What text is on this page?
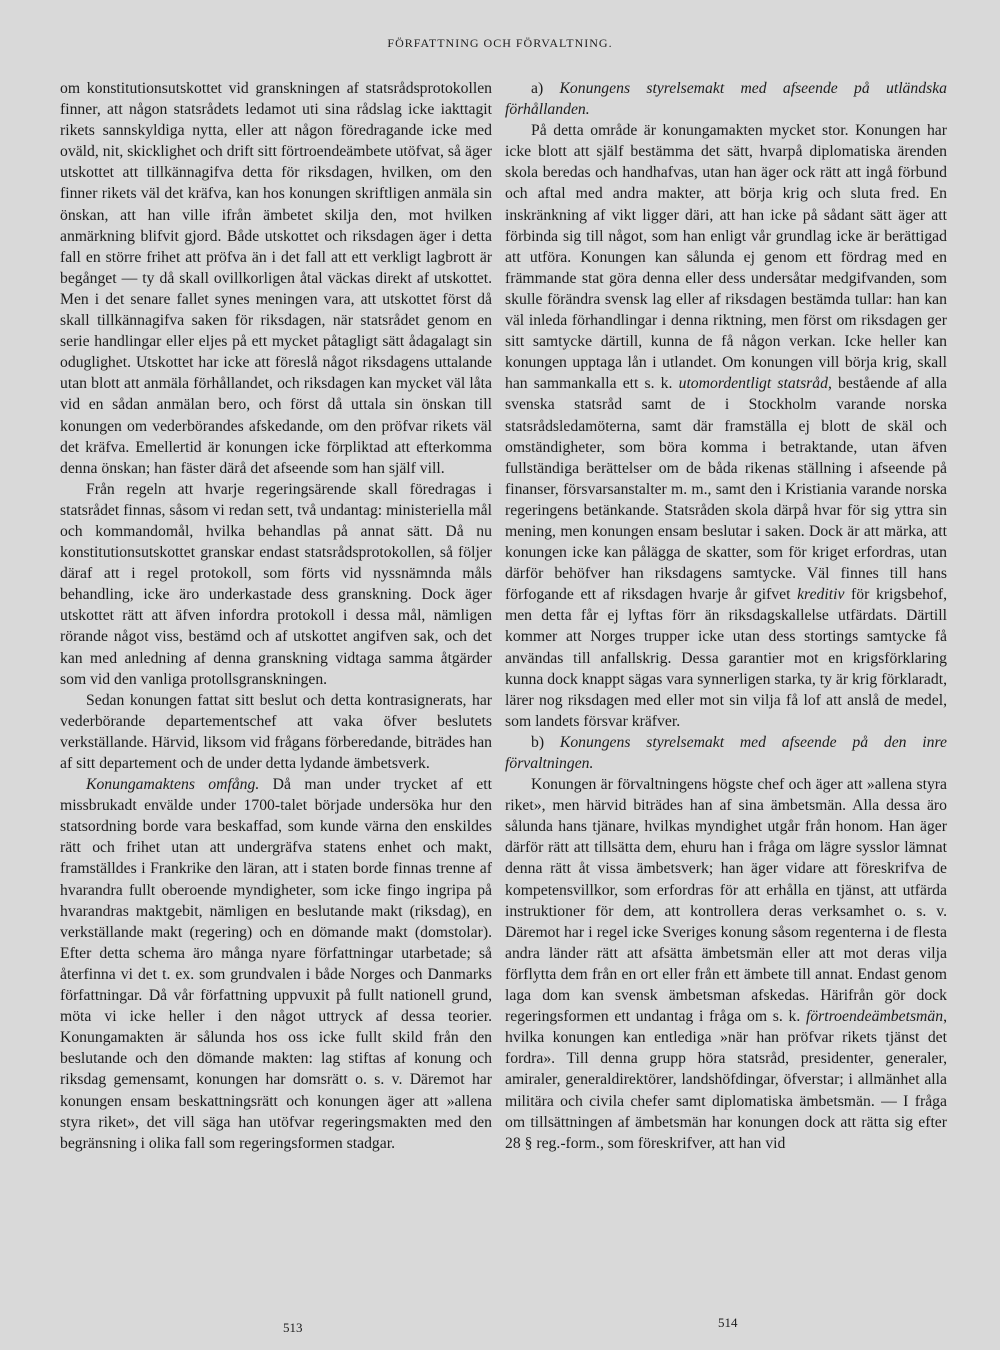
FÖRFATTNING OCH FÖRVALTNING.

om konstitutionsutskottet vid granskningen af statsrådsprotokollen finner, att någon statsrådets ledamot uti sina rådslag icke iakttagit rikets sannskyldiga nytta, eller att någon föredragande icke med oväld, nit, skicklighet och drift sitt förtroendeämbete utöfvat, så äger utskottet att tillkännagifva detta för riksdagen, hvilken, om den finner rikets väl det kräfva, kan hos konungen skriftligen anmäla sin önskan, att han ville ifrån ämbetet skilja den, mot hvilken anmärkning blifvit gjord. Både utskottet och riksdagen äger i detta fall en större frihet att pröfva än i det fall att ett verkligt lagbrott är begånget — ty då skall ovillkorligen åtal väckas direkt af utskottet. Men i det senare fallet synes meningen vara, att utskottet först då skall tillkännagifva saken för riksdagen, när statsrådet genom en serie handlingar eller eljes på ett mycket påtagligt sätt ådagalagt sin oduglighet. Utskottet har icke att föreslå något riksdagens uttalande utan blott att anmäla förhållandet, och riksdagen kan mycket väl låta vid en sådan anmälan bero, och först då uttala sin önskan till konungen om vederbörandes afskedande, om den pröfvar rikets väl det kräfva. Emellertid är konungen icke förpliktad att efterkomma denna önskan; han fäster därå det afseende som han själf vill.

Från regeln att hvarje regeringsärende skall föredragas i statsrådet finnas, såsom vi redan sett, två undantag: ministeriella mål och kommandomål, hvilka behandlas på annat sätt. Då nu konstitutionsutskottet granskar endast statsrådsprotokollen, så följer däraf att i regel protokoll, som förts vid nyssnämnda måls behandling, icke äro underkastade dess granskning. Dock äger utskottet rätt att äfven infordra protokoll i dessa mål, nämligen rörande något viss, bestämd och af utskottet angifven sak, och det kan med anledning af denna granskning vidtaga samma åtgärder som vid den vanliga protollsgranskningen.

Sedan konungen fattat sitt beslut och detta kontrasignerats, har vederbörande departementschef att vaka öfver beslutets verkställande. Härvid, liksom vid frågans förberedande, biträdes han af sitt departement och de under detta lydande ämbetsverk.

Konungamaktens omfång. Då man under trycket af ett missbrukadt envälde under 1700-talet började undersöka hur den statsordning borde vara beskaffad, som kunde värna den enskildes rätt och frihet utan att undergräfva statens enhet och makt, framställdes i Frankrike den läran, att i staten borde finnas trenne af hvarandra fullt oberoende myndigheter, som icke fingo ingripa på hvarandras maktgebit, nämligen en beslutande makt (riksdag), en verkställande makt (regering) och en dömande makt (domstolar). Efter detta schema äro många nyare författningar utarbetade; så återfinna vi det t. ex. som grundvalen i både Norges och Danmarks författningar. Då vår författning uppvuxit på fullt nationell grund, möta vi icke heller i den något uttryck af dessa teorier. Konungamakten är sålunda hos oss icke fullt skild från den beslutande och den dömande makten: lag stiftas af konung och riksdag gemensamt, konungen har domsrätt o. s. v. Däremot har konungen ensam beskattningsrätt och konungen äger att »allena styra riket», det vill säga han utöfvar regeringsmakten med den begränsning i olika fall som regeringsformen stadgar.

a) Konungens styrelsemakt med afseende på utländska förhållanden.

På detta område är konungamakten mycket stor. Konungen har icke blott att själf bestämma det sätt, hvarpå diplomatiska ärenden skola beredas och handhafvas, utan han äger ock rätt att ingå förbund och aftal med andra makter, att börja krig och sluta fred. En inskränkning af vikt ligger däri, att han icke på sådant sätt äger att förbinda sig till något, som han enligt vår grundlag icke är berättigad att utföra. Konungen kan sålunda ej genom ett fördrag med en främmande stat göra denna eller dess undersåtar medgifvanden, som skulle förändra svensk lag eller af riksdagen bestämda tullar: han kan väl inleda förhandlingar i denna riktning, men först om riksdagen ger sitt samtycke därtill, kunna de få någon verkan. Icke heller kan konungen upptaga lån i utlandet. Om konungen vill börja krig, skall han sammankalla ett s. k. utomordentligt statsråd, bestående af alla svenska statsråd samt de i Stockholm varande norska statsrådsledamöterna, samt där framställa ej blott de skäl och omständigheter, som böra komma i betraktande, utan äfven fullständiga berättelser om de båda rikenas ställning i afseende på finanser, försvarsanstalter m. m., samt den i Kristiania varande norska regeringens betänkande. Statsråden skola därpå hvar för sig yttra sin mening, men konungen ensam beslutar i saken. Dock är att märka, att konungen icke kan pålägga de skatter, som för kriget erfordras, utan därför behöfver han riksdagens samtycke. Väl finnes till hans förfogande ett af riksdagen hvarje år gifvet kreditiv för krigsbehof, men detta får ej lyftas förr än riksdagskallelse utfärdats. Därtill kommer att Norges trupper icke utan dess stortings samtycke få användas till anfallskrig. Dessa garantier mot en krigsförklaring kunna dock knappt sägas vara synnerligen starka, ty är krig förklaradt, lärer nog riksdagen med eller mot sin vilja få lof att anslå de medel, som landets försvar kräfver.

b) Konungens styrelsemakt med afseende på den inre förvaltningen.

Konungen är förvaltningens högste chef och äger att »allena styra riket», men härvid biträdes han af sina ämbetsmän. Alla dessa äro sålunda hans tjänare, hvilkas myndighet utgår från honom. Han äger därför rätt att tillsätta dem, ehuru han i fråga om lägre sysslor lämnat denna rätt åt vissa ämbetsverk; han äger vidare att föreskrifva de kompetensvillkor, som erfordras för att erhålla en tjänst, att utfärda instruktioner för dem, att kontrollera deras verksamhet o. s. v. Däremot har i regel icke Sveriges konung såsom regenterna i de flesta andra länder rätt att afsätta ämbetsmän eller att mot deras vilja förflytta dem från en ort eller från ett ämbete till annat. Endast genom laga dom kan svensk ämbetsman afskedas. Härifrån gör dock regeringsformen ett undantag i fråga om s. k. förtroendeämbetsmän, hvilka konungen kan entlediga »när han pröfvar rikets tjänst det fordra». Till denna grupp höra statsråd, presidenter, generaler, amiraler, generaldirektörer, landshöfdingar, öfverstar; i allmänhet alla militära och civila chefer samt diplomatiska ämbetsmän. — I fråga om tillsättningen af ämbetsmän har konungen dock att rätta sig efter 28 § reg.-form., som föreskrifver, att han vid

513	514
